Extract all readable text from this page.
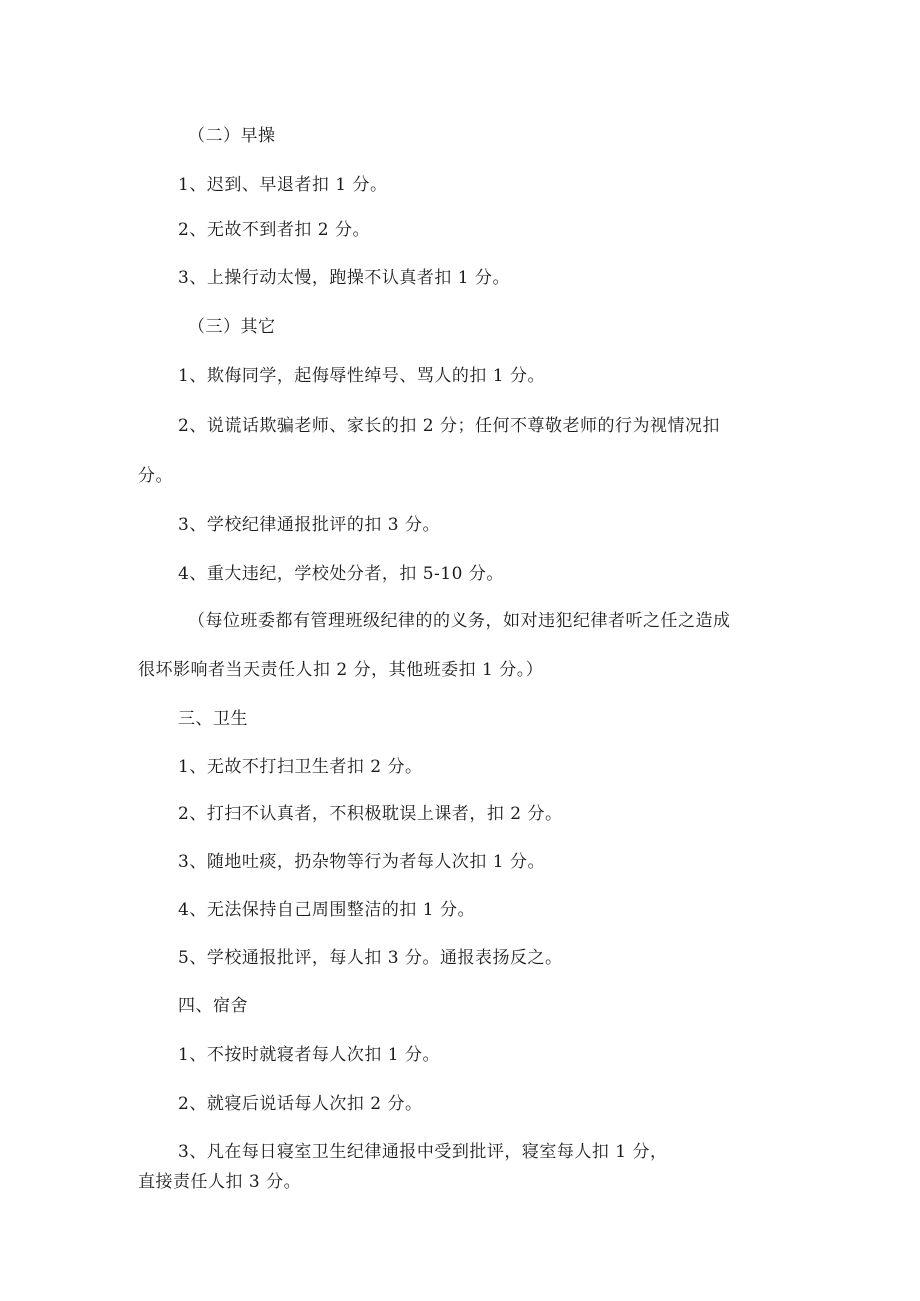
（二）早操
1、迟到、早退者扣 1 分。
2、无故不到者扣 2 分。
3、上操行动太慢，跑操不认真者扣 1 分。
（三）其它
1、欺侮同学，起侮辱性绰号、骂人的扣 1 分。
2、说谎话欺骗老师、家长的扣 2 分；任何不尊敬老师的行为视情况扣
分。
3、学校纪律通报批评的扣 3 分。
4、重大违纪，学校处分者，扣 5-10 分。
（每位班委都有管理班级纪律的的义务，如对违犯纪律者听之任之造成
很坏影响者当天责任人扣 2 分，其他班委扣 1 分。）
三、卫生
1、无故不打扫卫生者扣 2 分。
2、打扫不认真者，不积极耽误上课者，扣 2 分。
3、随地吐痰，扔杂物等行为者每人次扣 1 分。
4、无法保持自己周围整洁的扣 1 分。
5、学校通报批评，每人扣 3 分。通报表扬反之。
四、宿舍
1、不按时就寝者每人次扣 1 分。
2、就寝后说话每人次扣 2 分。
3、凡在每日寝室卫生纪律通报中受到批评，寝室每人扣 1 分，
直接责任人扣 3 分。
